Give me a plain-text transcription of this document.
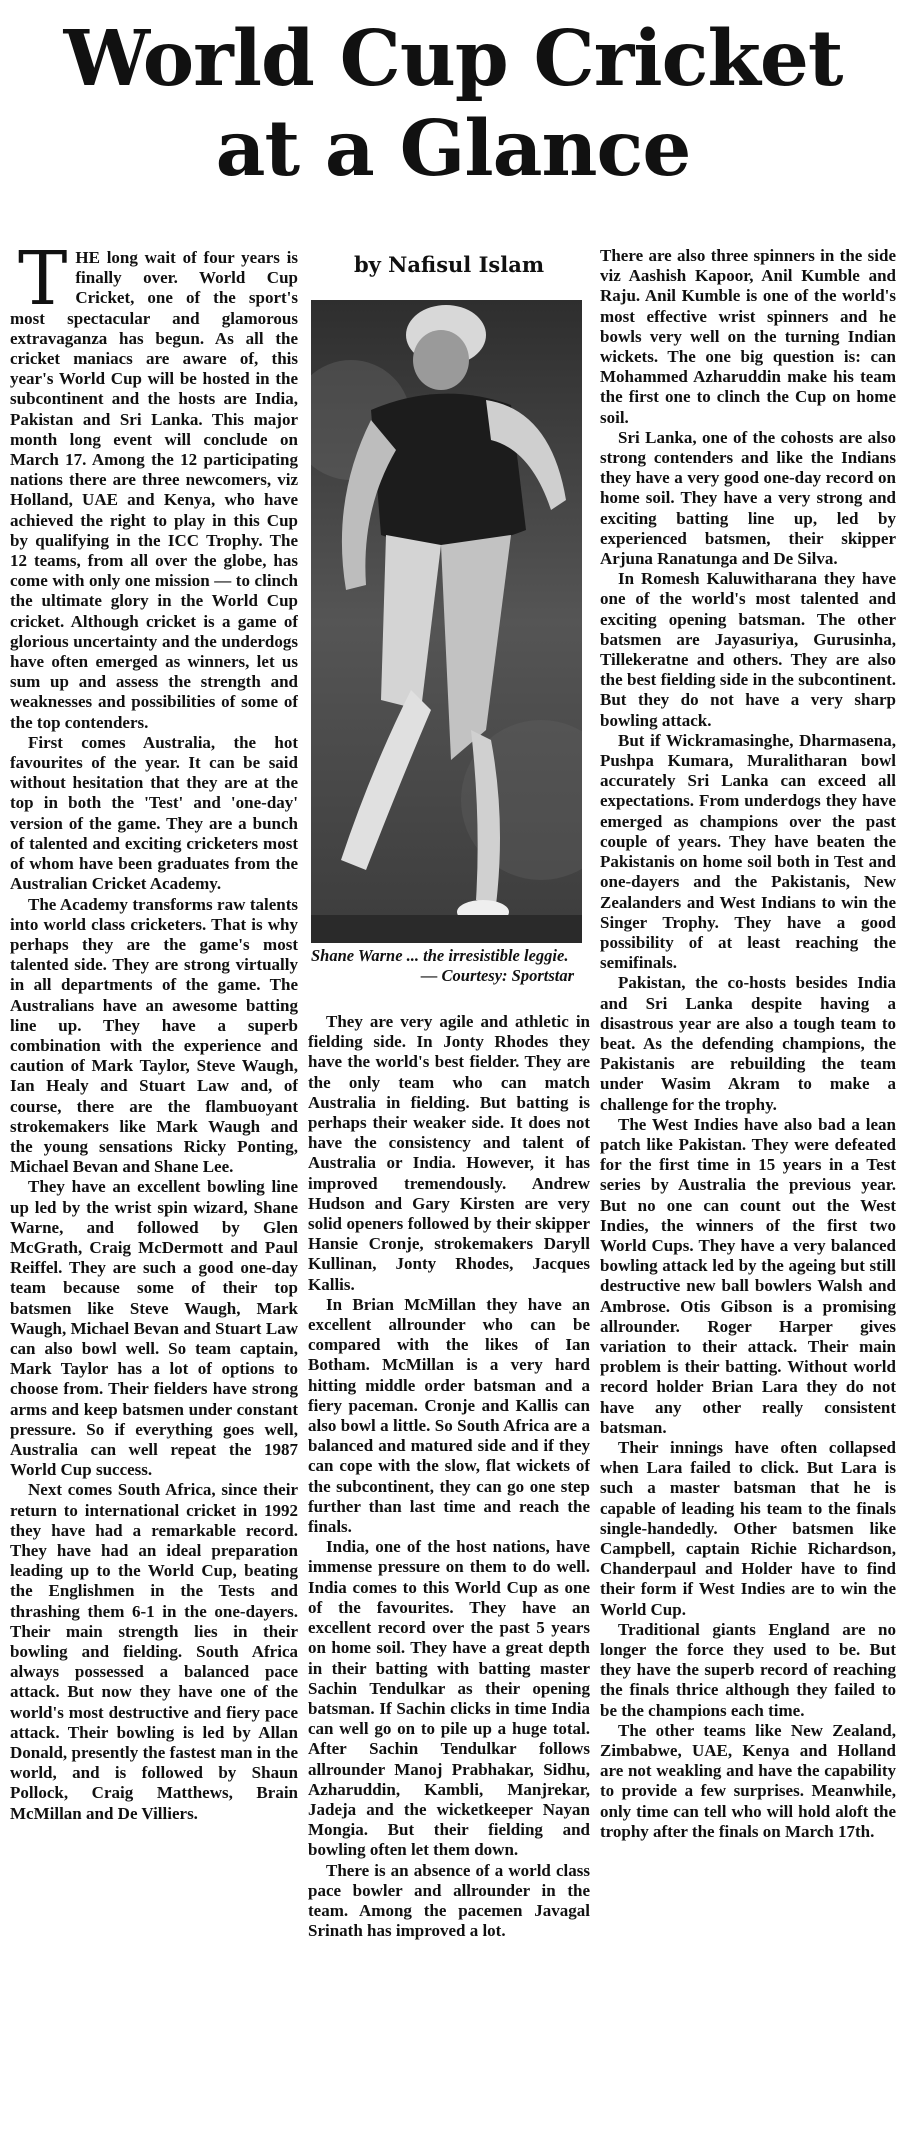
World Cup Cricket
at a Glance

THE long wait of four years is finally over. World Cup Cricket, one of the sport's most spectacular and glamorous extravaganza has begun. As all the cricket maniacs are aware of, this year's World Cup will be hosted in the subcontinent and the hosts are India, Pakistan and Sri Lanka. This major month long event will conclude on March 17. Among the 12 participating nations there are three newcomers, viz Holland, UAE and Kenya, who have achieved the right to play in this Cup by qualifying in the ICC Trophy. The 12 teams, from all over the globe, has come with only one mission — to clinch the ultimate glory in the World Cup cricket. Although cricket is a game of glorious uncertainty and the underdogs have often emerged as winners, let us sum up and assess the strength and weaknesses and possibilities of some of the top contenders.

First comes Australia, the hot favourites of the year. It can be said without hesitation that they are at the top in both the 'Test' and 'one-day' version of the game. They are a bunch of talented and exciting cricketers most of whom have been graduates from the Australian Cricket Academy.

The Academy transforms raw talents into world class cricketers. That is why perhaps they are the game's most talented side. They are strong virtually in all departments of the game. The Australians have an awesome batting line up. They have a superb combination with the experience and caution of Mark Taylor, Steve Waugh, Ian Healy and Stuart Law and, of course, there are the flambuoyant strokemakers like Mark Waugh and the young sensations Ricky Ponting, Michael Bevan and Shane Lee.

They have an excellent bowling line up led by the wrist spin wizard, Shane Warne, and followed by Glen McGrath, Craig McDermott and Paul Reiffel. They are such a good one-day team because some of their top batsmen like Steve Waugh, Mark Waugh, Michael Bevan and Stuart Law can also bowl well. So team captain, Mark Taylor has a lot of options to choose from. Their fielders have strong arms and keep batsmen under constant pressure. So if everything goes well, Australia can well repeat the 1987 World Cup success.

Next comes South Africa, since their return to international cricket in 1992 they have had a remarkable record. They have had an ideal preparation leading up to the World Cup, beating the Englishmen in the Tests and thrashing them 6-1 in the one-dayers. Their main strength lies in their bowling and fielding. South Africa always possessed a balanced pace attack. But now they have one of the world's most destructive and fiery pace attack. Their bowling is led by Allan Donald, presently the fastest man in the world, and is followed by Shaun Pollock, Craig Matthews, Brain McMillan and De Villiers.

by Nafisul Islam
Shane Warne ... the irresistible leggie.
— Courtesy: Sportstar

They are very agile and athletic in fielding side. In Jonty Rhodes they have the world's best fielder. They are the only team who can match Australia in fielding. But batting is perhaps their weaker side. It does not have the consistency and talent of Australia or India. However, it has improved tremendously. Andrew Hudson and Gary Kirsten are very solid openers followed by their skipper Hansie Cronje, strokemakers Daryll Kullinan, Jonty Rhodes, Jacques Kallis.

In Brian McMillan they have an excellent allrounder who can be compared with the likes of Ian Botham. McMillan is a very hard hitting middle order batsman and a fiery paceman. Cronje and Kallis can also bowl a little. So South Africa are a balanced and matured side and if they can cope with the slow, flat wickets of the subcontinent, they can go one step further than last time and reach the finals.

India, one of the host nations, have immense pressure on them to do well. India comes to this World Cup as one of the favourites. They have an excellent record over the past 5 years on home soil. They have a great depth in their batting with batting master Sachin Tendulkar as their opening batsman. If Sachin clicks in time India can well go on to pile up a huge total. After Sachin Tendulkar follows allrounder Manoj Prabhakar, Sidhu, Azharuddin, Kambli, Manjrekar, Jadeja and the wicketkeeper Nayan Mongia. But their fielding and bowling often let them down.

There is an absence of a world class pace bowler and allrounder in the team. Among the pacemen Javagal Srinath has improved a lot.

There are also three spinners in the side viz Aashish Kapoor, Anil Kumble and Raju. Anil Kumble is one of the world's most effective wrist spinners and he bowls very well on the turning Indian wickets. The one big question is: can Mohammed Azharuddin make his team the first one to clinch the Cup on home soil.

Sri Lanka, one of the cohosts are also strong contenders and like the Indians they have a very good one-day record on home soil. They have a very strong and exciting batting line up, led by experienced batsmen, their skipper Arjuna Ranatunga and De Silva.

In Romesh Kaluwitharana they have one of the world's most talented and exciting opening batsman. The other batsmen are Jayasuriya, Gurusinha, Tillekeratne and others. They are also the best fielding side in the subcontinent. But they do not have a very sharp bowling attack.

But if Wickramasinghe, Dharmasena, Pushpa Kumara, Muralitharan bowl accurately Sri Lanka can exceed all expectations. From underdogs they have emerged as champions over the past couple of years. They have beaten the Pakistanis on home soil both in Test and one-dayers and the Pakistanis, New Zealanders and West Indians to win the Singer Trophy. They have a good possibility of at least reaching the semifinals.

Pakistan, the co-hosts besides India and Sri Lanka despite having a disastrous year are also a tough team to beat. As the defending champions, the Pakistanis are rebuilding the team under Wasim Akram to make a challenge for the trophy.

The West Indies have also bad a lean patch like Pakistan. They were defeated for the first time in 15 years in a Test series by Australia the previous year. But no one can count out the West Indies, the winners of the first two World Cups. They have a very balanced bowling attack led by the ageing but still destructive new ball bowlers Walsh and Ambrose. Otis Gibson is a promising allrounder. Roger Harper gives variation to their attack. Their main problem is their batting. Without world record holder Brian Lara they do not have any other really consistent batsman.

Their innings have often collapsed when Lara failed to click. But Lara is such a master batsman that he is capable of leading his team to the finals single-handedly. Other batsmen like Campbell, captain Richie Richardson, Chanderpaul and Holder have to find their form if West Indies are to win the World Cup.

Traditional giants England are no longer the force they used to be. But they have the superb record of reaching the finals thrice although they failed to be the champions each time.

The other teams like New Zealand, Zimbabwe, UAE, Kenya and Holland are not weakling and have the capability to provide a few surprises. Meanwhile, only time can tell who will hold aloft the trophy after the finals on March 17th.
